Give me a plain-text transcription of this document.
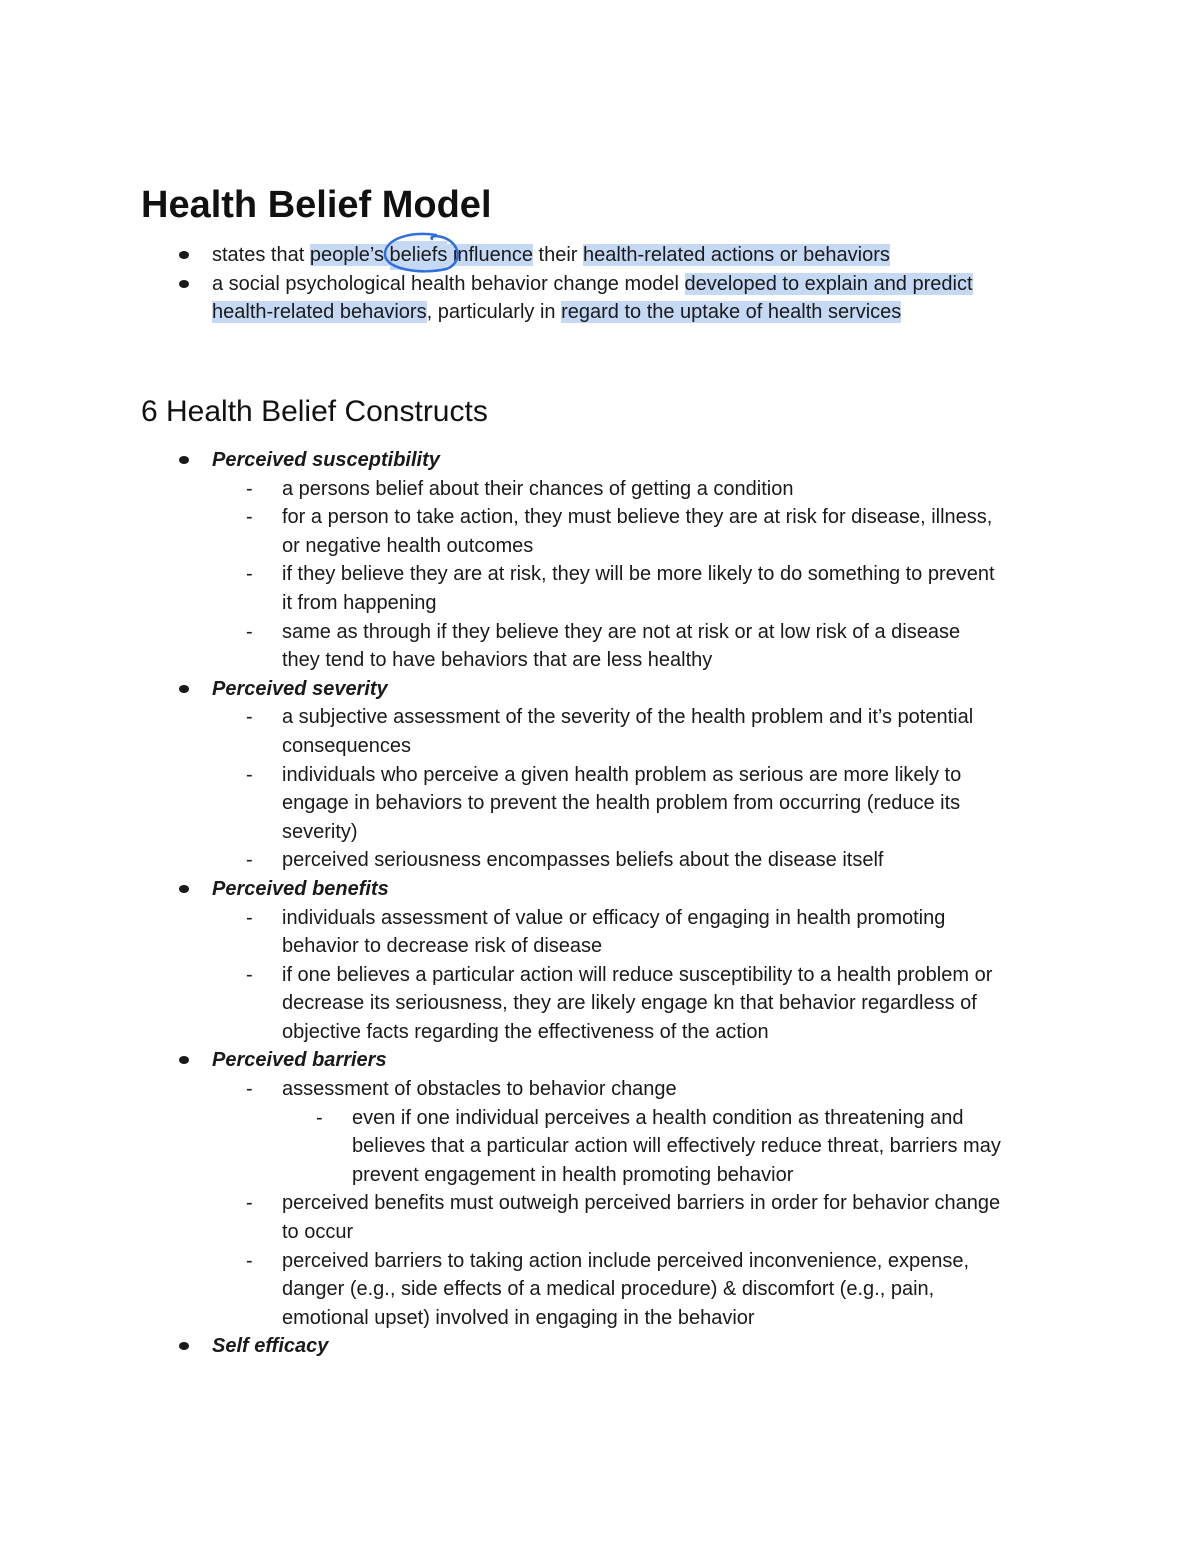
Health Belief Model
states that people’s beliefs
influence their health-related actions or behaviors
a social psychological health behavior change model developed to explain and predict
health-related behaviors, particularly in regard to the uptake of health services
6 Health Belief Constructs
Perceived susceptibility
- a persons belief about their chances of getting a condition
- for a person to take action, they must believe they are at risk for disease, illness,
or negative health outcomes
- if they believe they are at risk, they will be more likely to do something to prevent
it from happening
- same as through if they believe they are not at risk or at low risk of a disease
they tend to have behaviors that are less healthy
Perceived severity
- a subjective assessment of the severity of the health problem and it’s potential
consequences
- individuals who perceive a given health problem as serious are more likely to
engage in behaviors to prevent the health problem from occurring (reduce its
severity)
- perceived seriousness encompasses beliefs about the disease itself
Perceived benefits
- individuals assessment of value or efficacy of engaging in health promoting
behavior to decrease risk of disease
- if one believes a particular action will reduce susceptibility to a health problem or
decrease its seriousness, they are likely engage kn that behavior regardless of
objective facts regarding the effectiveness of the action
Perceived barriers
- assessment of obstacles to behavior change
- even if one individual perceives a health condition as threatening and
believes that a particular action will effectively reduce threat, barriers may
prevent engagement in health promoting behavior
- perceived benefits must outweigh perceived barriers in order for behavior change
to occur
- perceived barriers to taking action include perceived inconvenience, expense,
danger (e.g., side effects of a medical procedure) & discomfort (e.g., pain,
emotional upset) involved in engaging in the behavior
Self efficacy
